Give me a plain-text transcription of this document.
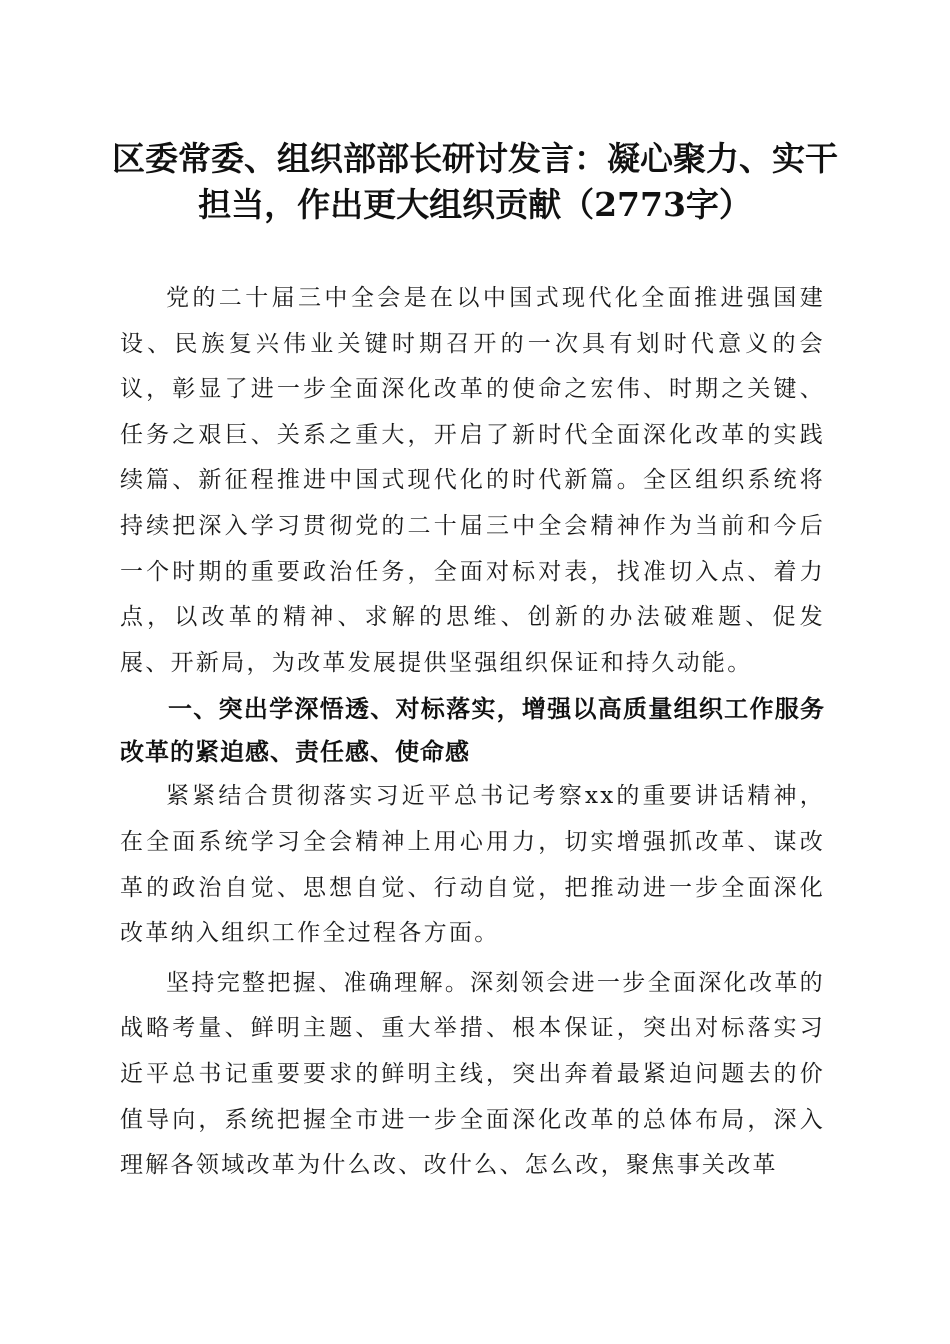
区委常委、组织部部长研讨发言：凝心聚力、实干担当，作出更大组织贡献（2773字）

党的二十届三中全会是在以中国式现代化全面推进强国建设、民族复兴伟业关键时期召开的一次具有划时代意义的会议，彰显了进一步全面深化改革的使命之宏伟、时期之关键、任务之艰巨、关系之重大，开启了新时代全面深化改革的实践续篇、新征程推进中国式现代化的时代新篇。全区组织系统将持续把深入学习贯彻党的二十届三中全会精神作为当前和今后一个时期的重要政治任务，全面对标对表，找准切入点、着力点，以改革的精神、求解的思维、创新的办法破难题、促发展、开新局，为改革发展提供坚强组织保证和持久动能。

一、突出学深悟透、对标落实，增强以高质量组织工作服务改革的紧迫感、责任感、使命感

紧紧结合贯彻落实习近平总书记考察xx的重要讲话精神，在全面系统学习全会精神上用心用力，切实增强抓改革、谋改革的政治自觉、思想自觉、行动自觉，把推动进一步全面深化改革纳入组织工作全过程各方面。

坚持完整把握、准确理解。深刻领会进一步全面深化改革的战略考量、鲜明主题、重大举措、根本保证，突出对标落实习近平总书记重要要求的鲜明主线，突出奔着最紧迫问题去的价值导向，系统把握全市进一步全面深化改革的总体布局，深入理解各领域改革为什么改、改什么、怎么改，聚焦事关改革
